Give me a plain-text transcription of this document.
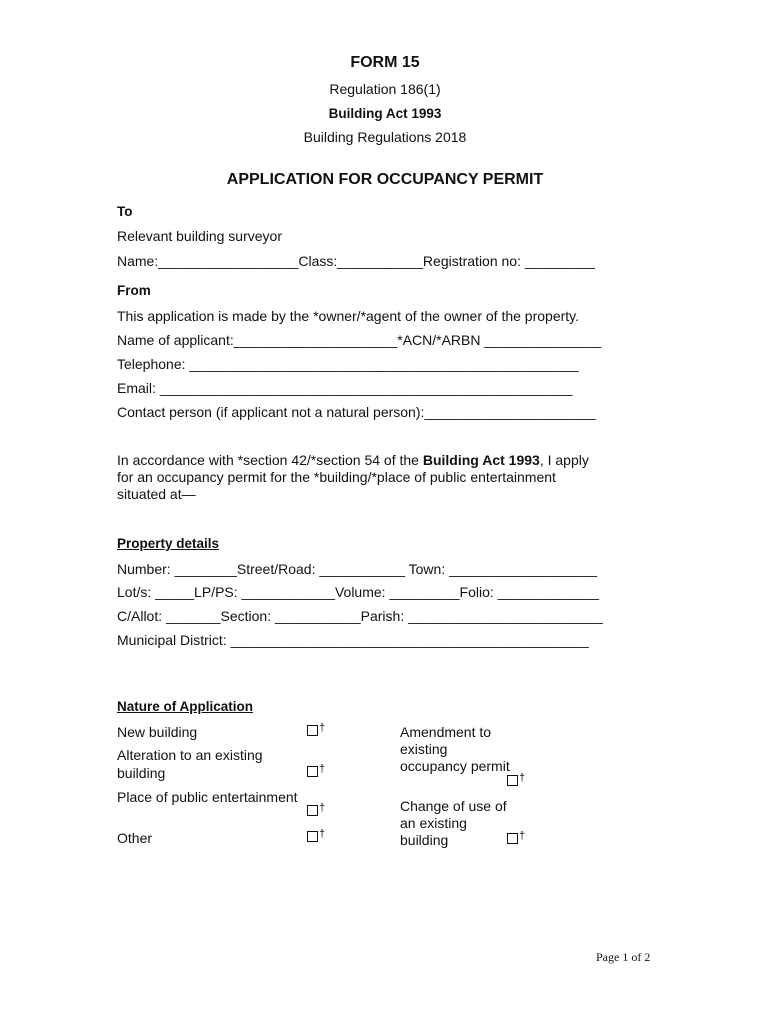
FORM 15
Regulation 186(1)
Building Act 1993
Building Regulations 2018
APPLICATION FOR OCCUPANCY PERMIT
To
Relevant building surveyor
Name:__________________Class:___________Registration no: _________
From
This application is made by the *owner/*agent of the owner of the property.
Name of applicant:_____________________*ACN/*ARBN _______________
Telephone: __________________________________________________
Email: _____________________________________________________
Contact person (if applicant not a natural person):______________________
In accordance with *section 42/*section 54 of the Building Act 1993, I apply
for an occupancy permit for the *building/*place of public entertainment
situated at—
Property details
Number: ________Street/Road: ___________ Town: ___________________
Lot/s: _____LP/PS: ____________Volume: _________Folio: _____________
C/Allot: _______Section: ___________Parish: _________________________
Municipal District: ______________________________________________
Nature of Application
New building	†
Alteration to an existing
building	†
Place of public entertainment
†
Other	†
Amendment to
existing
occupancy permit
†
Change of use of
an existing
building	†
Page 1 of 2
